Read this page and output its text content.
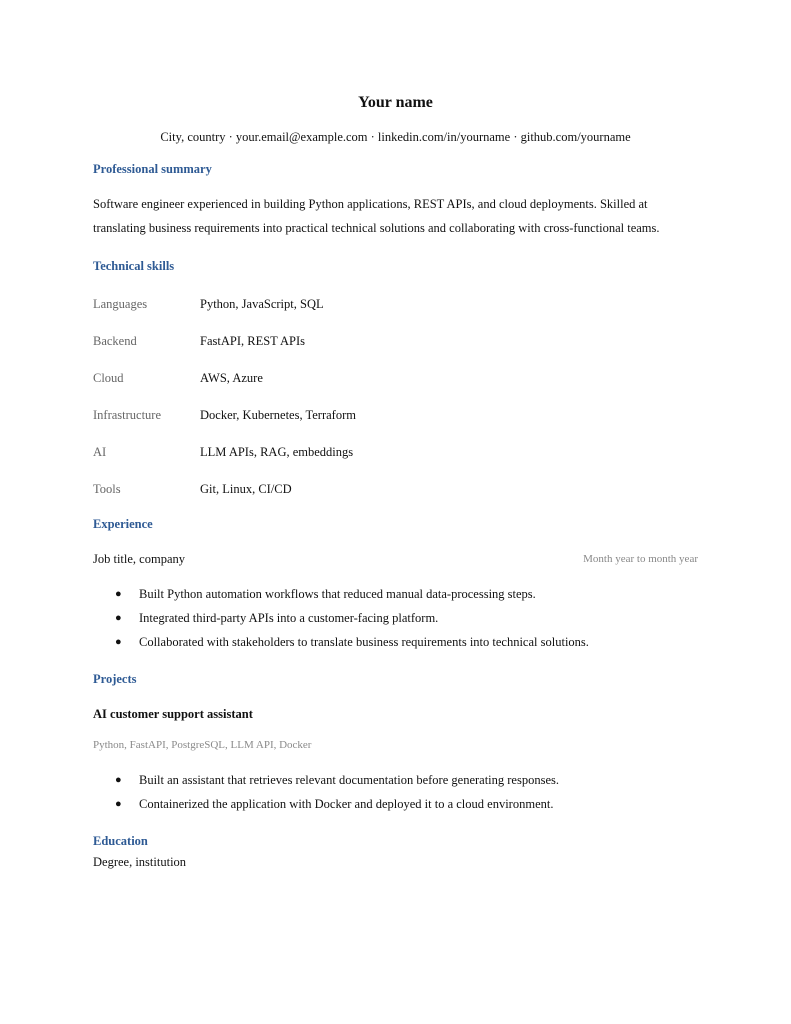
Your name
City, country · your.email@example.com · linkedin.com/in/yourname · github.com/yourname
Professional summary
Software engineer experienced in building Python applications, REST APIs, and cloud deployments. Skilled at translating business requirements into practical technical solutions and collaborating with cross-functional teams.
Technical skills
Languages	Python, JavaScript, SQL
Backend	FastAPI, REST APIs
Cloud	AWS, Azure
Infrastructure	Docker, Kubernetes, Terraform
AI	LLM APIs, RAG, embeddings
Tools	Git, Linux, CI/CD
Experience
Job title, company	Month year to month year
● Built Python automation workflows that reduced manual data-processing steps.
● Integrated third-party APIs into a customer-facing platform.
● Collaborated with stakeholders to translate business requirements into technical solutions.
Projects
AI customer support assistant
Python, FastAPI, PostgreSQL, LLM API, Docker
● Built an assistant that retrieves relevant documentation before generating responses.
● Containerized the application with Docker and deployed it to a cloud environment.
Education
Degree, institution
